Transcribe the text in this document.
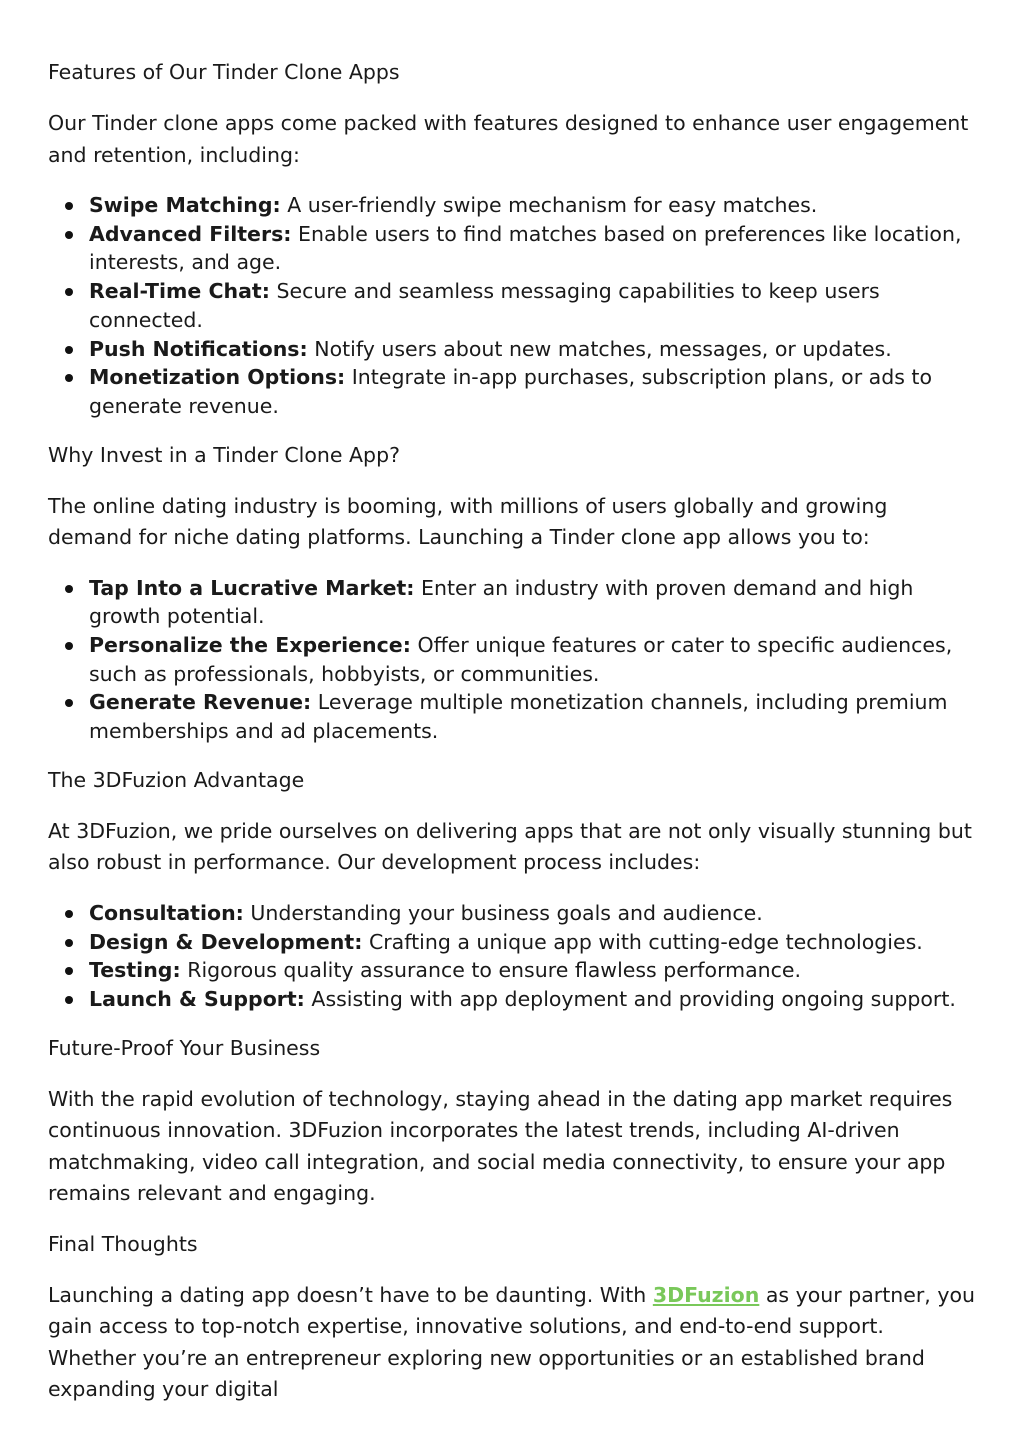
Features of Our Tinder Clone Apps

Our Tinder clone apps come packed with features designed to enhance user engagement and retention, including:

Swipe Matching: A user-friendly swipe mechanism for easy matches.
Advanced Filters: Enable users to find matches based on preferences like location, interests, and age.
Real-Time Chat: Secure and seamless messaging capabilities to keep users connected.
Push Notifications: Notify users about new matches, messages, or updates.
Monetization Options: Integrate in-app purchases, subscription plans, or ads to generate revenue.
Why Invest in a Tinder Clone App?

The online dating industry is booming, with millions of users globally and growing demand for niche dating platforms. Launching a Tinder clone app allows you to:

Tap Into a Lucrative Market: Enter an industry with proven demand and high growth potential.
Personalize the Experience: Offer unique features or cater to specific audiences, such as professionals, hobbyists, or communities.
Generate Revenue: Leverage multiple monetization channels, including premium memberships and ad placements.
The 3DFuzion Advantage

At 3DFuzion, we pride ourselves on delivering apps that are not only visually stunning but also robust in performance. Our development process includes:

Consultation: Understanding your business goals and audience.
Design & Development: Crafting a unique app with cutting-edge technologies.
Testing: Rigorous quality assurance to ensure flawless performance.
Launch & Support: Assisting with app deployment and providing ongoing support.
Future-Proof Your Business

With the rapid evolution of technology, staying ahead in the dating app market requires continuous innovation. 3DFuzion incorporates the latest trends, including AI-driven matchmaking, video call integration, and social media connectivity, to ensure your app remains relevant and engaging.

Final Thoughts

Launching a dating app doesn’t have to be daunting. With 3DFuzion as your partner, you gain access to top-notch expertise, innovative solutions, and end-to-end support. Whether you’re an entrepreneur exploring new opportunities or an established brand expanding your digital
